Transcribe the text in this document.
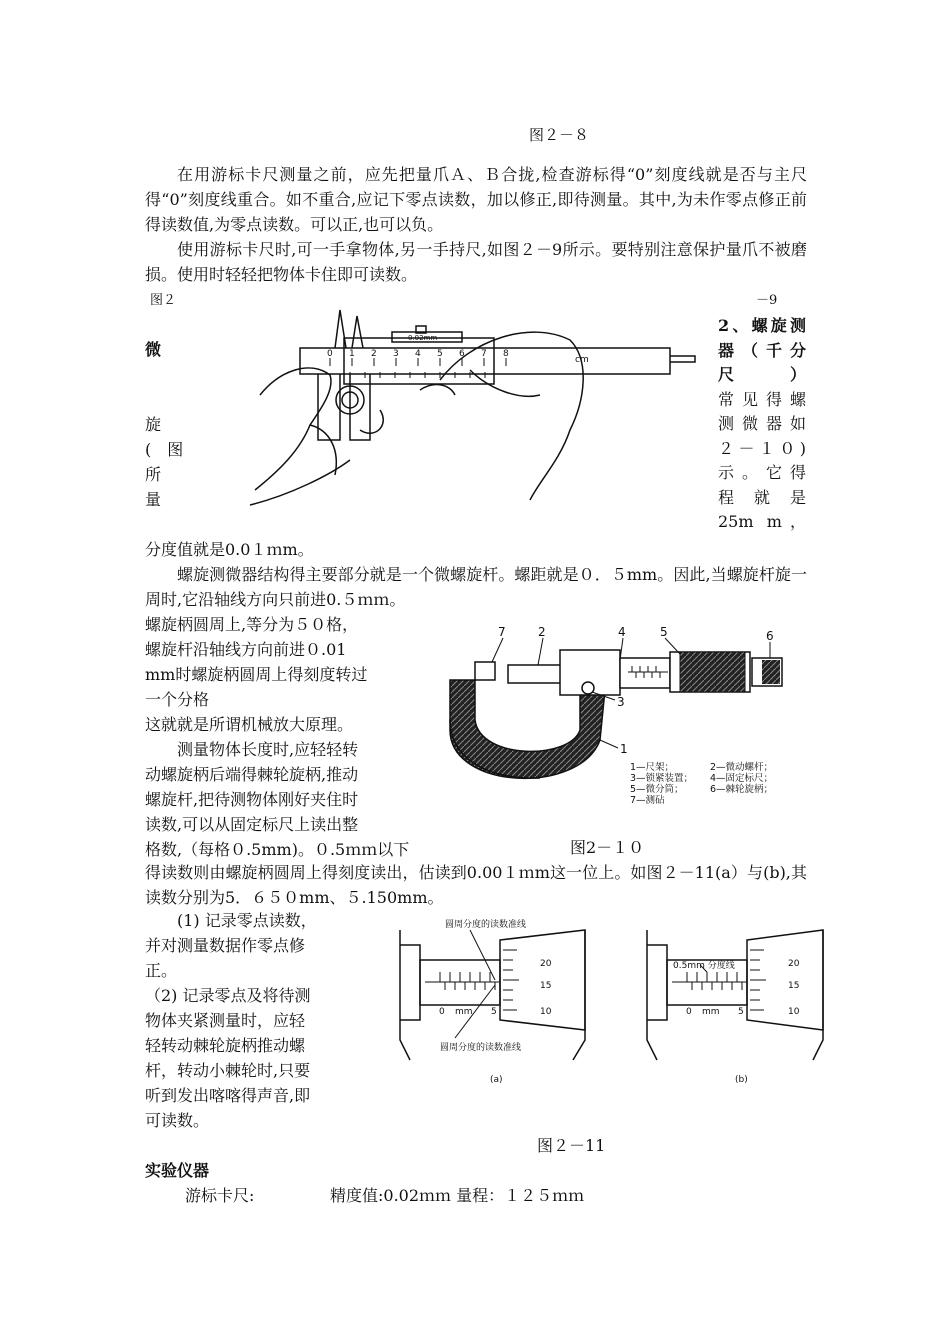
图２－８
在用游标卡尺测量之前，应先把量爪Ａ、Ｂ合拢,检查游标得“0”刻度线就是否与主尺得“0”刻度线重合。如不重合,应记下零点读数，加以修正,即待测量。其中,为未作零点修正前得读数值,为零点读数。可以正,也可以负。
使用游标卡尺时,可一手拿物体,另一手持尺,如图２－9所示。要特别注意保护量爪不被磨损。使用时轻轻把物体卡住即可读数。
图２	－9
微
旋
(　图
所
量
2、螺旋测
器（千分
尺）
常见得螺
测微器如
２－１０)
示。它得
程就是
25m m，
0 1 2 3 4 5 6 7 8
cm
0.02mm
分度值就是0.0１ｍm。
螺旋测微器结构得主要部分就是一个微螺旋杆。螺距就是０．５mm。因此,当螺旋杆旋一周时,它沿轴线方向只前进0.５ｍｍ。
螺旋柄圆周上,等分为５０格，
螺旋杆沿轴线方向前进０.01
mm时螺旋柄圆周上得刻度转过
一个分格
这就就是所谓机械放大原理。
　　测量物体长度时,应轻轻转
动螺旋柄后端得棘轮旋柄,推动
螺旋杆,把待测物体刚好夹住时
读数,可以从固定标尺上读出整
格数,（每格０.5mm)。０.5ｍｍ以下
7	2	4	5	6
3
1
1—尺架；	2—微动螺杆；
3—锁紧装置； 4—固定标尺；
5—微分筒；	6—棘轮旋柄；
7—测砧
图2－１０
得读数则由螺旋柄圆周上得刻度读出，估读到0.00１ｍm这一位上。如图２－11(a）与(b),其读数分别为5．６５０mm、５.150mm。
　　(1) 记录零点读数，
并对测量数据作零点修
正。
（2) 记录零点及将待测
物体夹紧测量时，应轻
轻转动棘轮旋柄推动螺
杆，转动小棘轮时,只要
听到发出喀喀得声音,即
可读数。
圆周分度的读数准线
圆周分度的读数准线
0.5mm 分度线
20
15
10
0 mm 5
20
15
10
0 mm 5
(a)	(b)
图２－11
实验仪器
游标卡尺:	精度值:0.02ｍｍ 量程：１２５ｍｍ
